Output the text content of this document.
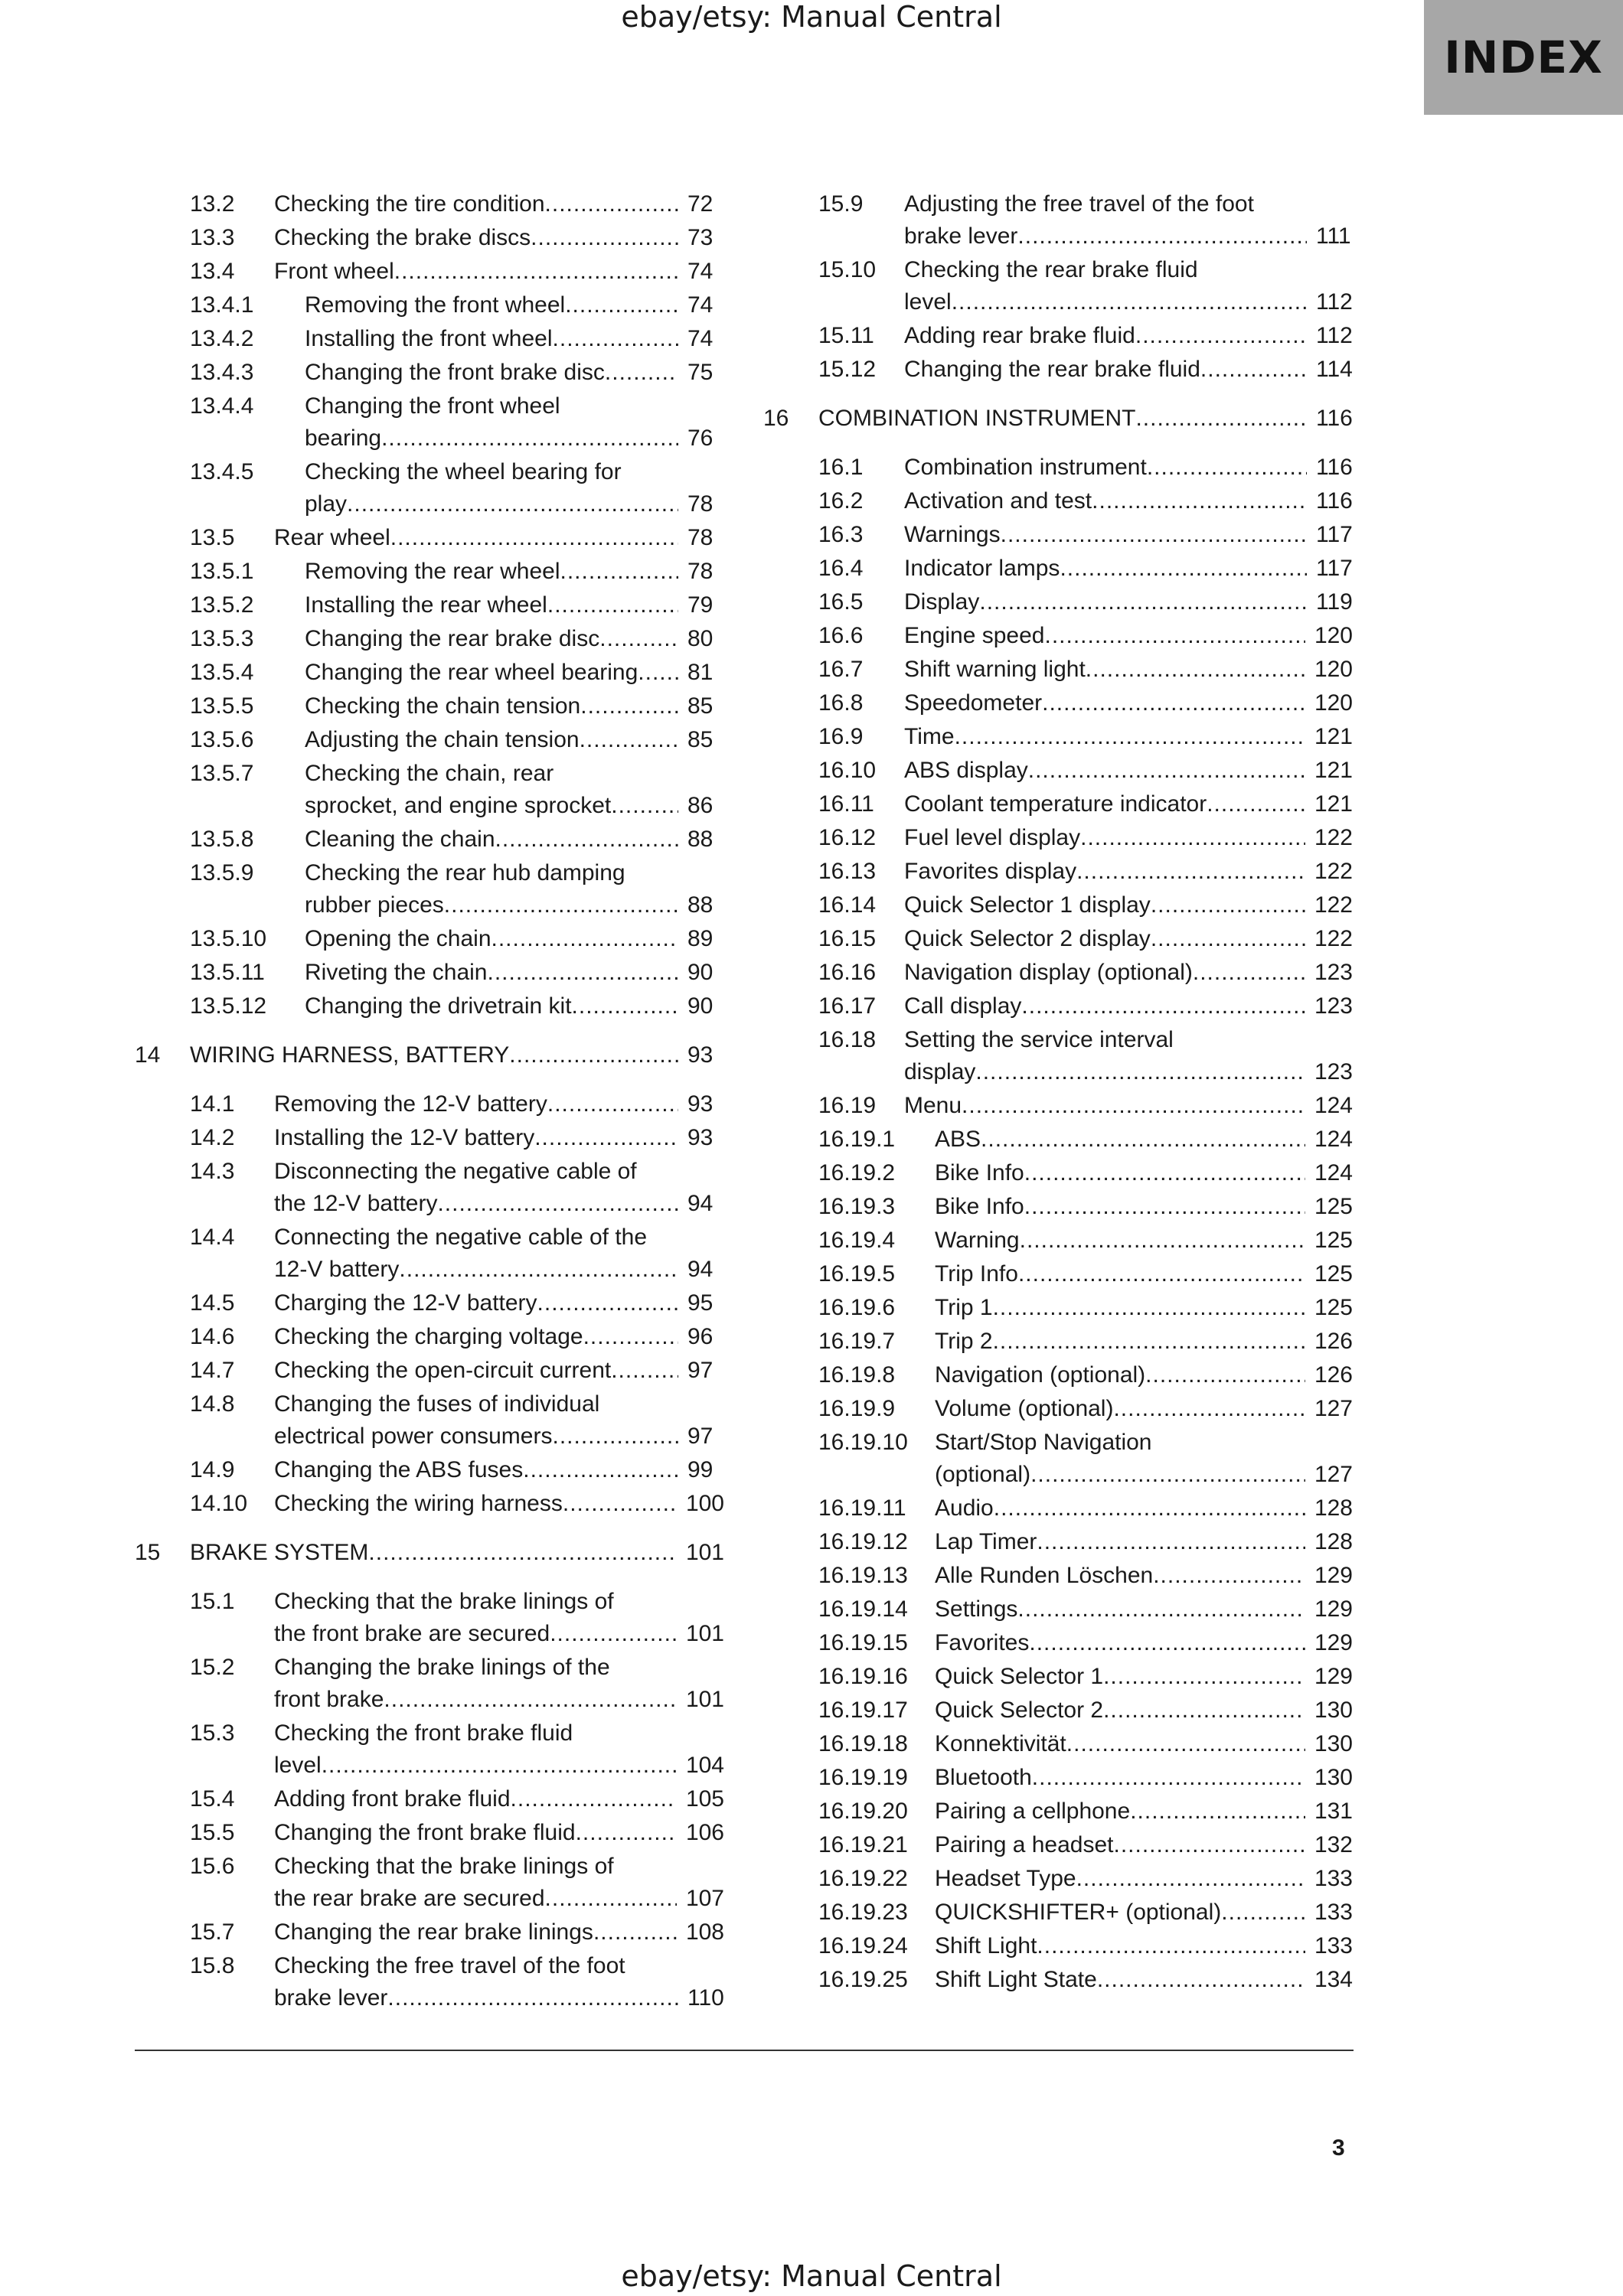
ebay/etsy: Manual Central
INDEX
13.2 Checking the tire condition .....	72
13.3 Checking the brake discs .....	73
13.4 Front wheel .....	74
13.4.1 Removing the front wheel .....	74
13.4.2 Installing the front wheel .....	74
13.4.3 Changing the front brake disc .....	75
13.4.4 Changing the front wheel
bearing .....	76
13.4.5 Checking the wheel bearing for
play .....	78
13.5 Rear wheel .....	78
13.5.1 Removing the rear wheel .....	78
13.5.2 Installing the rear wheel .....	79
13.5.3 Changing the rear brake disc .....	80
13.5.4 Changing the rear wheel bearing .....	81
13.5.5 Checking the chain tension .....	85
13.5.6 Adjusting the chain tension .....	85
13.5.7 Checking the chain, rear
sprocket, and engine sprocket .....	86
13.5.8 Cleaning the chain .....	88
13.5.9 Checking the rear hub damping
rubber pieces .....	88
13.5.10 Opening the chain .....	89
13.5.11 Riveting the chain .....	90
13.5.12 Changing the drivetrain kit .....	90
14 WIRING HARNESS, BATTERY .....	93
14.1 Removing the 12-V battery .....	93
14.2 Installing the 12-V battery .....	93
14.3 Disconnecting the negative cable of
the 12-V battery .....	94
14.4 Connecting the negative cable of the
12-V battery .....	94
14.5 Charging the 12-V battery .....	95
14.6 Checking the charging voltage .....	96
14.7 Checking the open-circuit current .....	97
14.8 Changing the fuses of individual
electrical power consumers .....	97
14.9 Changing the ABS fuses .....	99
14.10 Checking the wiring harness .....	100
15 BRAKE SYSTEM .....	101
15.1 Checking that the brake linings of
the front brake are secured .....	101
15.2 Changing the brake linings of the
front brake .....	101
15.3 Checking the front brake fluid
level .....	104
15.4 Adding front brake fluid .....	105
15.5 Changing the front brake fluid .....	106
15.6 Checking that the brake linings of
the rear brake are secured .....	107
15.7 Changing the rear brake linings .....	108
15.8 Checking the free travel of the foot
brake lever .....	110
15.9 Adjusting the free travel of the foot
brake lever .....	111
15.10 Checking the rear brake fluid
level .....	112
15.11 Adding rear brake fluid .....	112
15.12 Changing the rear brake fluid .....	114
16 COMBINATION INSTRUMENT .....	116
16.1 Combination instrument .....	116
16.2 Activation and test .....	116
16.3 Warnings .....	117
16.4 Indicator lamps .....	117
16.5 Display .....	119
16.6 Engine speed .....	120
16.7 Shift warning light .....	120
16.8 Speedometer .....	120
16.9 Time .....	121
16.10 ABS display .....	121
16.11 Coolant temperature indicator .....	121
16.12 Fuel level display .....	122
16.13 Favorites display .....	122
16.14 Quick Selector 1 display .....	122
16.15 Quick Selector 2 display .....	122
16.16 Navigation display (optional) .....	123
16.17 Call display .....	123
16.18 Setting the service interval
display .....	123
16.19 Menu .....	124
16.19.1 ABS .....	124
16.19.2 Bike Info .....	124
16.19.3 Bike Info .....	125
16.19.4 Warning .....	125
16.19.5 Trip Info .....	125
16.19.6 Trip 1 .....	125
16.19.7 Trip 2 .....	126
16.19.8 Navigation (optional) .....	126
16.19.9 Volume (optional) .....	127
16.19.10 Start/Stop Navigation
(optional) .....	127
16.19.11 Audio .....	128
16.19.12 Lap Timer .....	128
16.19.13 Alle Runden Löschen .....	129
16.19.14 Settings .....	129
16.19.15 Favorites .....	129
16.19.16 Quick Selector 1 .....	129
16.19.17 Quick Selector 2 .....	130
16.19.18 Konnektivität .....	130
16.19.19 Bluetooth .....	130
16.19.20 Pairing a cellphone .....	131
16.19.21 Pairing a headset .....	132
16.19.22 Headset Type .....	133
16.19.23 QUICKSHIFTER+ (optional) .....	133
16.19.24 Shift Light .....	133
16.19.25 Shift Light State .....	134
3
ebay/etsy: Manual Central
